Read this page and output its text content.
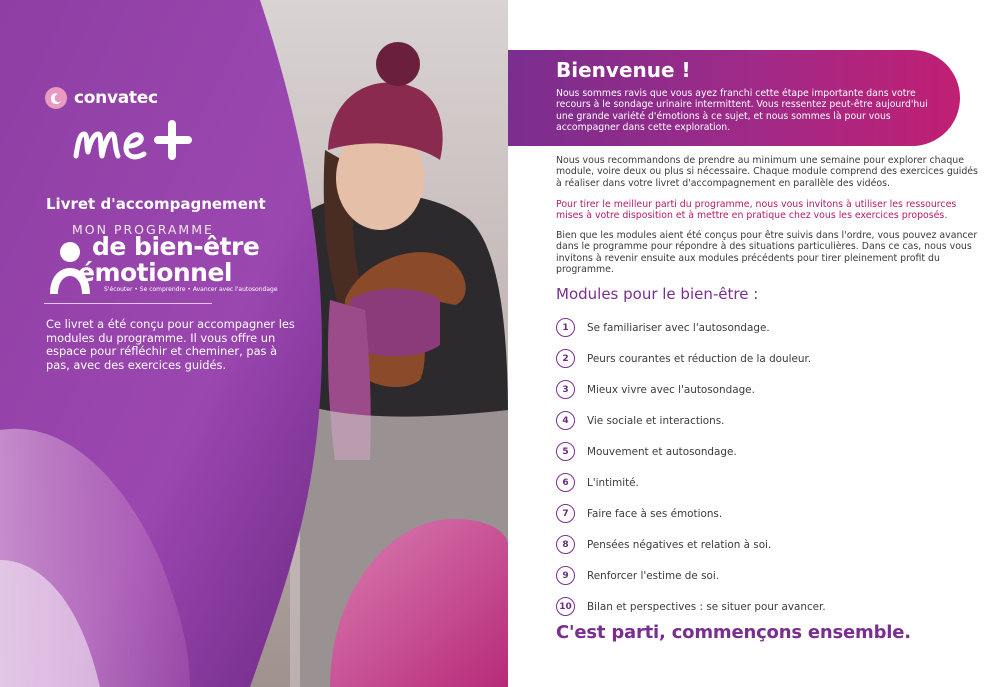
convatec
Livret d'accompagnement
MON PROGRAMME
de bien-être
émotionnel
S'écouter • Se comprendre • Avancer avec l'autosondage
Ce livret a été conçu pour accompagner les modules du programme. Il vous offre un espace pour réfléchir et cheminer, pas à pas, avec des exercices guidés.
Bienvenue !
Nous sommes ravis que vous ayez franchi cette étape importante dans votre recours à le sondage urinaire intermittent. Vous ressentez peut-être aujourd'hui une grande variété d'émotions à ce sujet, et nous sommes là pour vous accompagner dans cette exploration.
Nous vous recommandons de prendre au minimum une semaine pour explorer chaque module, voire deux ou plus si nécessaire. Chaque module comprend des exercices guidés à réaliser dans votre livret d'accompagnement en parallèle des vidéos.
Pour tirer le meilleur parti du programme, nous vous invitons à utiliser les ressources mises à votre disposition et à mettre en pratique chez vous les exercices proposés.
Bien que les modules aient été conçus pour être suivis dans l'ordre, vous pouvez avancer dans le programme pour répondre à des situations particulières. Dans ce cas, nous vous invitons à revenir ensuite aux modules précédents pour tirer pleinement profit du programme.
Modules pour le bien-être :
1	Se familiariser avec l'autosondage.
2	Peurs courantes et réduction de la douleur.
3	Mieux vivre avec l'autosondage.
4	Vie sociale et interactions.
5	Mouvement et autosondage.
6	L'intimité.
7	Faire face à ses émotions.
8	Pensées négatives et relation à soi.
9	Renforcer l'estime de soi.
10	Bilan et perspectives : se situer pour avancer.
C'est parti, commençons ensemble.
